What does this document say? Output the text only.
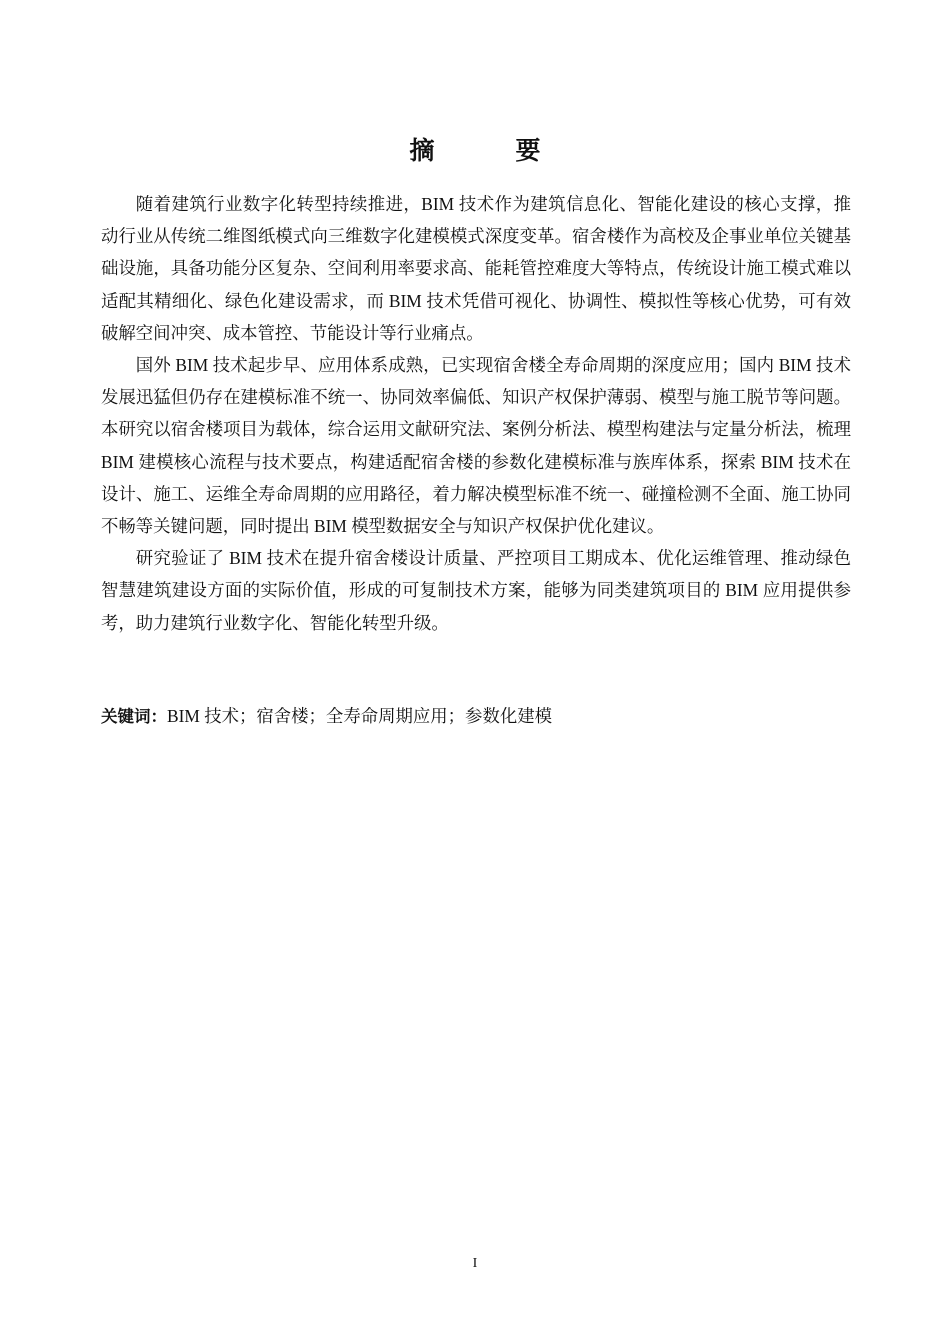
摘　要

随着建筑行业数字化转型持续推进，BIM 技术作为建筑信息化、智能化建设的核心支撑，推动行业从传统二维图纸模式向三维数字化建模模式深度变革。宿舍楼作为高校及企事业单位关键基础设施，具备功能分区复杂、空间利用率要求高、能耗管控难度大等特点，传统设计施工模式难以适配其精细化、绿色化建设需求，而 BIM 技术凭借可视化、协调性、模拟性等核心优势，可有效破解空间冲突、成本管控、节能设计等行业痛点。

国外 BIM 技术起步早、应用体系成熟，已实现宿舍楼全寿命周期的深度应用；国内 BIM 技术发展迅猛但仍存在建模标准不统一、协同效率偏低、知识产权保护薄弱、模型与施工脱节等问题。本研究以宿舍楼项目为载体，综合运用文献研究法、案例分析法、模型构建法与定量分析法，梳理 BIM 建模核心流程与技术要点，构建适配宿舍楼的参数化建模标准与族库体系，探索 BIM 技术在设计、施工、运维全寿命周期的应用路径，着力解决模型标准不统一、碰撞检测不全面、施工协同不畅等关键问题，同时提出 BIM 模型数据安全与知识产权保护优化建议。

研究验证了 BIM 技术在提升宿舍楼设计质量、严控项目工期成本、优化运维管理、推动绿色智慧建筑建设方面的实际价值，形成的可复制技术方案，能够为同类建筑项目的 BIM 应用提供参考，助力建筑行业数字化、智能化转型升级。

关键词：BIM 技术；宿舍楼；全寿命周期应用；参数化建模
I
